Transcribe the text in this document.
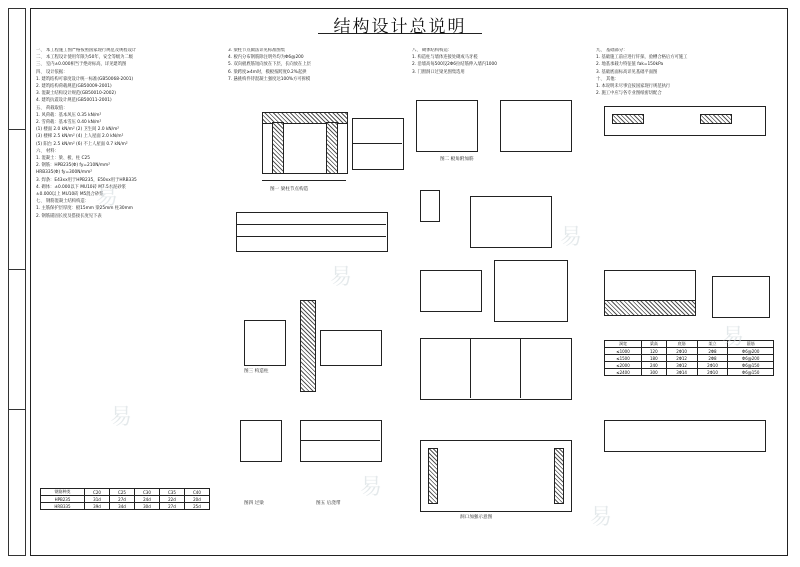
结构设计总说明

一、 本工程施工图严格按照国家现行规范及规程设计

二、 本工程设计使用年限为50年，安全等级为二级

三、 室内±0.000相当于绝对标高，详见建筑图

四、 设计依据：

1. 建筑结构可靠度设计统一标准(GB50068-2001)

2. 建筑结构荷载规范(GB50009-2001)

3. 混凝土结构设计规范(GB50010-2002)

4. 建筑抗震设计规范(GB50011-2001)

五、 荷载取值：

1. 风荷载：基本风压 0.35 kN/m²

2. 雪荷载：基本雪压 0.40 kN/m²

(1) 楼面 2.0 kN/m² (2) 卫生间 2.0 kN/m²

(3) 楼梯 2.5 kN/m² (4) 上人屋面 2.0 kN/m²

(5) 阳台 2.5 kN/m² (6) 不上人屋面 0.7 kN/m²

六、 材料：

1. 混凝土：梁、板、柱 C25

2. 钢筋：HPB235(Φ) fy=210N/mm²

HRB335(Φ) fy=300N/mm²

3. 焊条：E43xx用于HPB235，E50xx用于HRB335

4. 砌体：±0.000以下 MU10砖 M7.5水泥砂浆

±0.000以上 MU10砖 M5混合砂浆

七、 钢筋混凝土结构构造：

1. 主筋保护层厚度：板15mm 梁25mm 柱30mm

2. 钢筋锚固长度及搭接长度见下表

钢筋种类	C20	C25	C30	C35	C40
HPB235	31d	27d	24d	22d	20d
HRB335	39d	34d	30d	27d	25d

3. 梁柱节点做法详见标准图集

4. 板内分布钢筋除注明外均为Φ6@200

5. 双向板底筋短向放在下层，长向放在上层

6. 梁跨度≥4m时，模板按跨度0.2%起拱

7. 悬挑构件待混凝土强度达100%方可拆模

图一 梁柱节点构造
图三 构造柱
图四 过梁	图五 后浇带

八、 砌体结构构造：

1. 构造柱与墙体连接处砌成马牙槎

2. 沿墙高每500设2Φ6拉结筋伸入墙内1000

3. 门窗洞口过梁见图集选用

图二 板角附加筋
洞口加强示意图

九、 基础部分：

1. 基础施工前应进行钎探，验槽合格后方可施工

2. 地基承载力特征值 fak=150kPa

3. 基础底面标高详见基础平面图

十、 其他：

1. 本说明未尽事宜按国家现行规范执行

2. 施工中应与各专业图纸密切配合

洞宽	梁高	底筋	架立	箍筋
≤1000	120	2Φ10	2Φ8	Φ6@200
≤1500	180	2Φ12	2Φ8	Φ6@200
≤2000	240	3Φ12	2Φ10	Φ6@150
≤2400	300	3Φ14	2Φ10	Φ6@150
易
易
易
易
易
易
易
